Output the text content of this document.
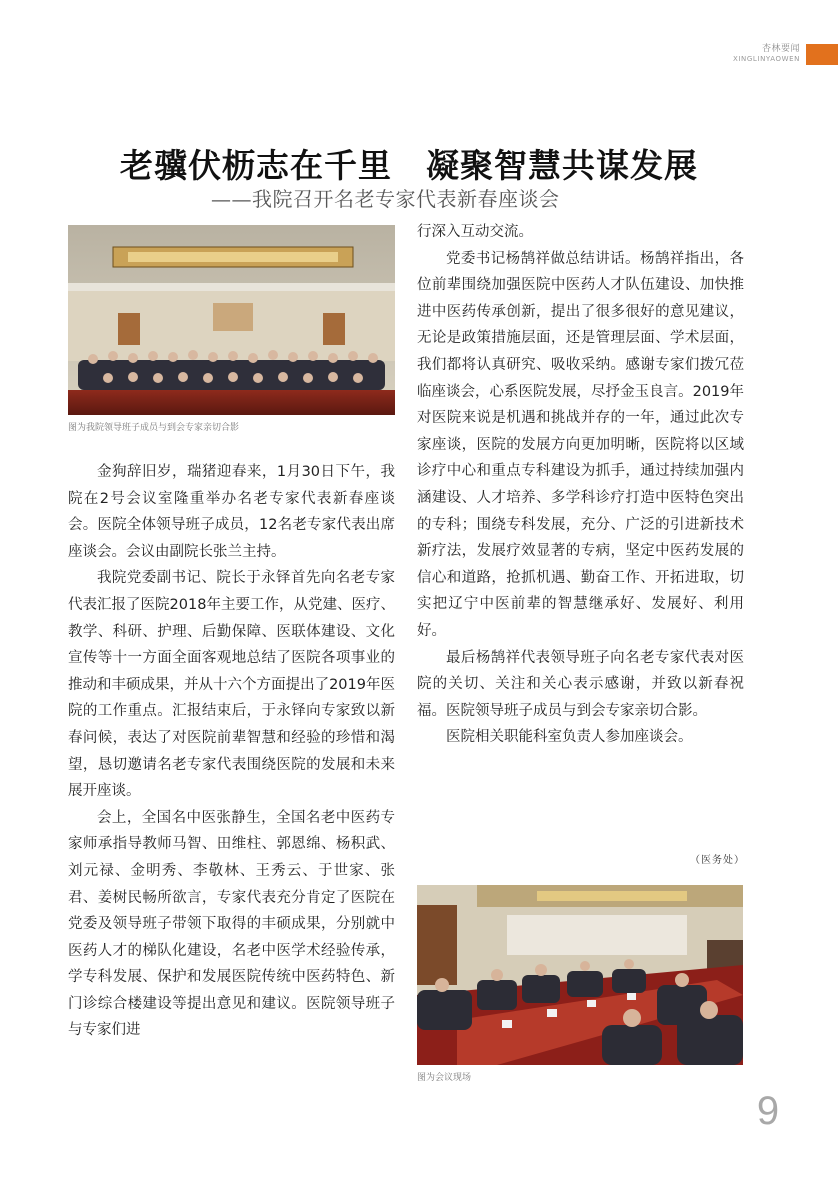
杏林要闻
XINGLINYAOWEN
老骥伏枥志在千里　凝聚智慧共谋发展
——我院召开名老专家代表新春座谈会
图为我院领导班子成员与到会专家亲切合影

金狗辞旧岁，瑞猪迎春来，1月30日下午，我院在2号会议室隆重举办名老专家代表新春座谈会。医院全体领导班子成员，12名老专家代表出席座谈会。会议由副院长张兰主持。

我院党委副书记、院长于永铎首先向名老专家代表汇报了医院2018年主要工作，从党建、医疗、教学、科研、护理、后勤保障、医联体建设、文化宣传等十一方面全面客观地总结了医院各项事业的推动和丰硕成果，并从十六个方面提出了2019年医院的工作重点。汇报结束后，于永铎向专家致以新春问候，表达了对医院前辈智慧和经验的珍惜和渴望，恳切邀请名老专家代表围绕医院的发展和未来展开座谈。

会上，全国名中医张静生，全国名老中医药专家师承指导教师马智、田维柱、郭恩绵、杨积武、刘元禄、金明秀、李敬林、王秀云、于世家、张君、姜树民畅所欲言，专家代表充分肯定了医院在党委及领导班子带领下取得的丰硕成果，分别就中医药人才的梯队化建设，名老中医学术经验传承，学专科发展、保护和发展医院传统中医药特色、新门诊综合楼建设等提出意见和建议。医院领导班子与专家们进

行深入互动交流。

党委书记杨鹄祥做总结讲话。杨鹄祥指出，各位前辈围绕加强医院中医药人才队伍建设、加快推进中医药传承创新，提出了很多很好的意见建议，无论是政策措施层面，还是管理层面、学术层面，我们都将认真研究、吸收采纳。感谢专家们拨冗莅临座谈会，心系医院发展，尽抒金玉良言。2019年对医院来说是机遇和挑战并存的一年，通过此次专家座谈，医院的发展方向更加明晰，医院将以区域诊疗中心和重点专科建设为抓手，通过持续加强内涵建设、人才培养、多学科诊疗打造中医特色突出的专科；围绕专科发展，充分、广泛的引进新技术新疗法，发展疗效显著的专病，坚定中医药发展的信心和道路，抢抓机遇、勤奋工作、开拓进取，切实把辽宁中医前辈的智慧继承好、发展好、利用好。

最后杨鹄祥代表领导班子向名老专家代表对医院的关切、关注和关心表示感谢，并致以新春祝福。医院领导班子成员与到会专家亲切合影。

医院相关职能科室负责人参加座谈会。

（医务处）
图为会议现场
9
